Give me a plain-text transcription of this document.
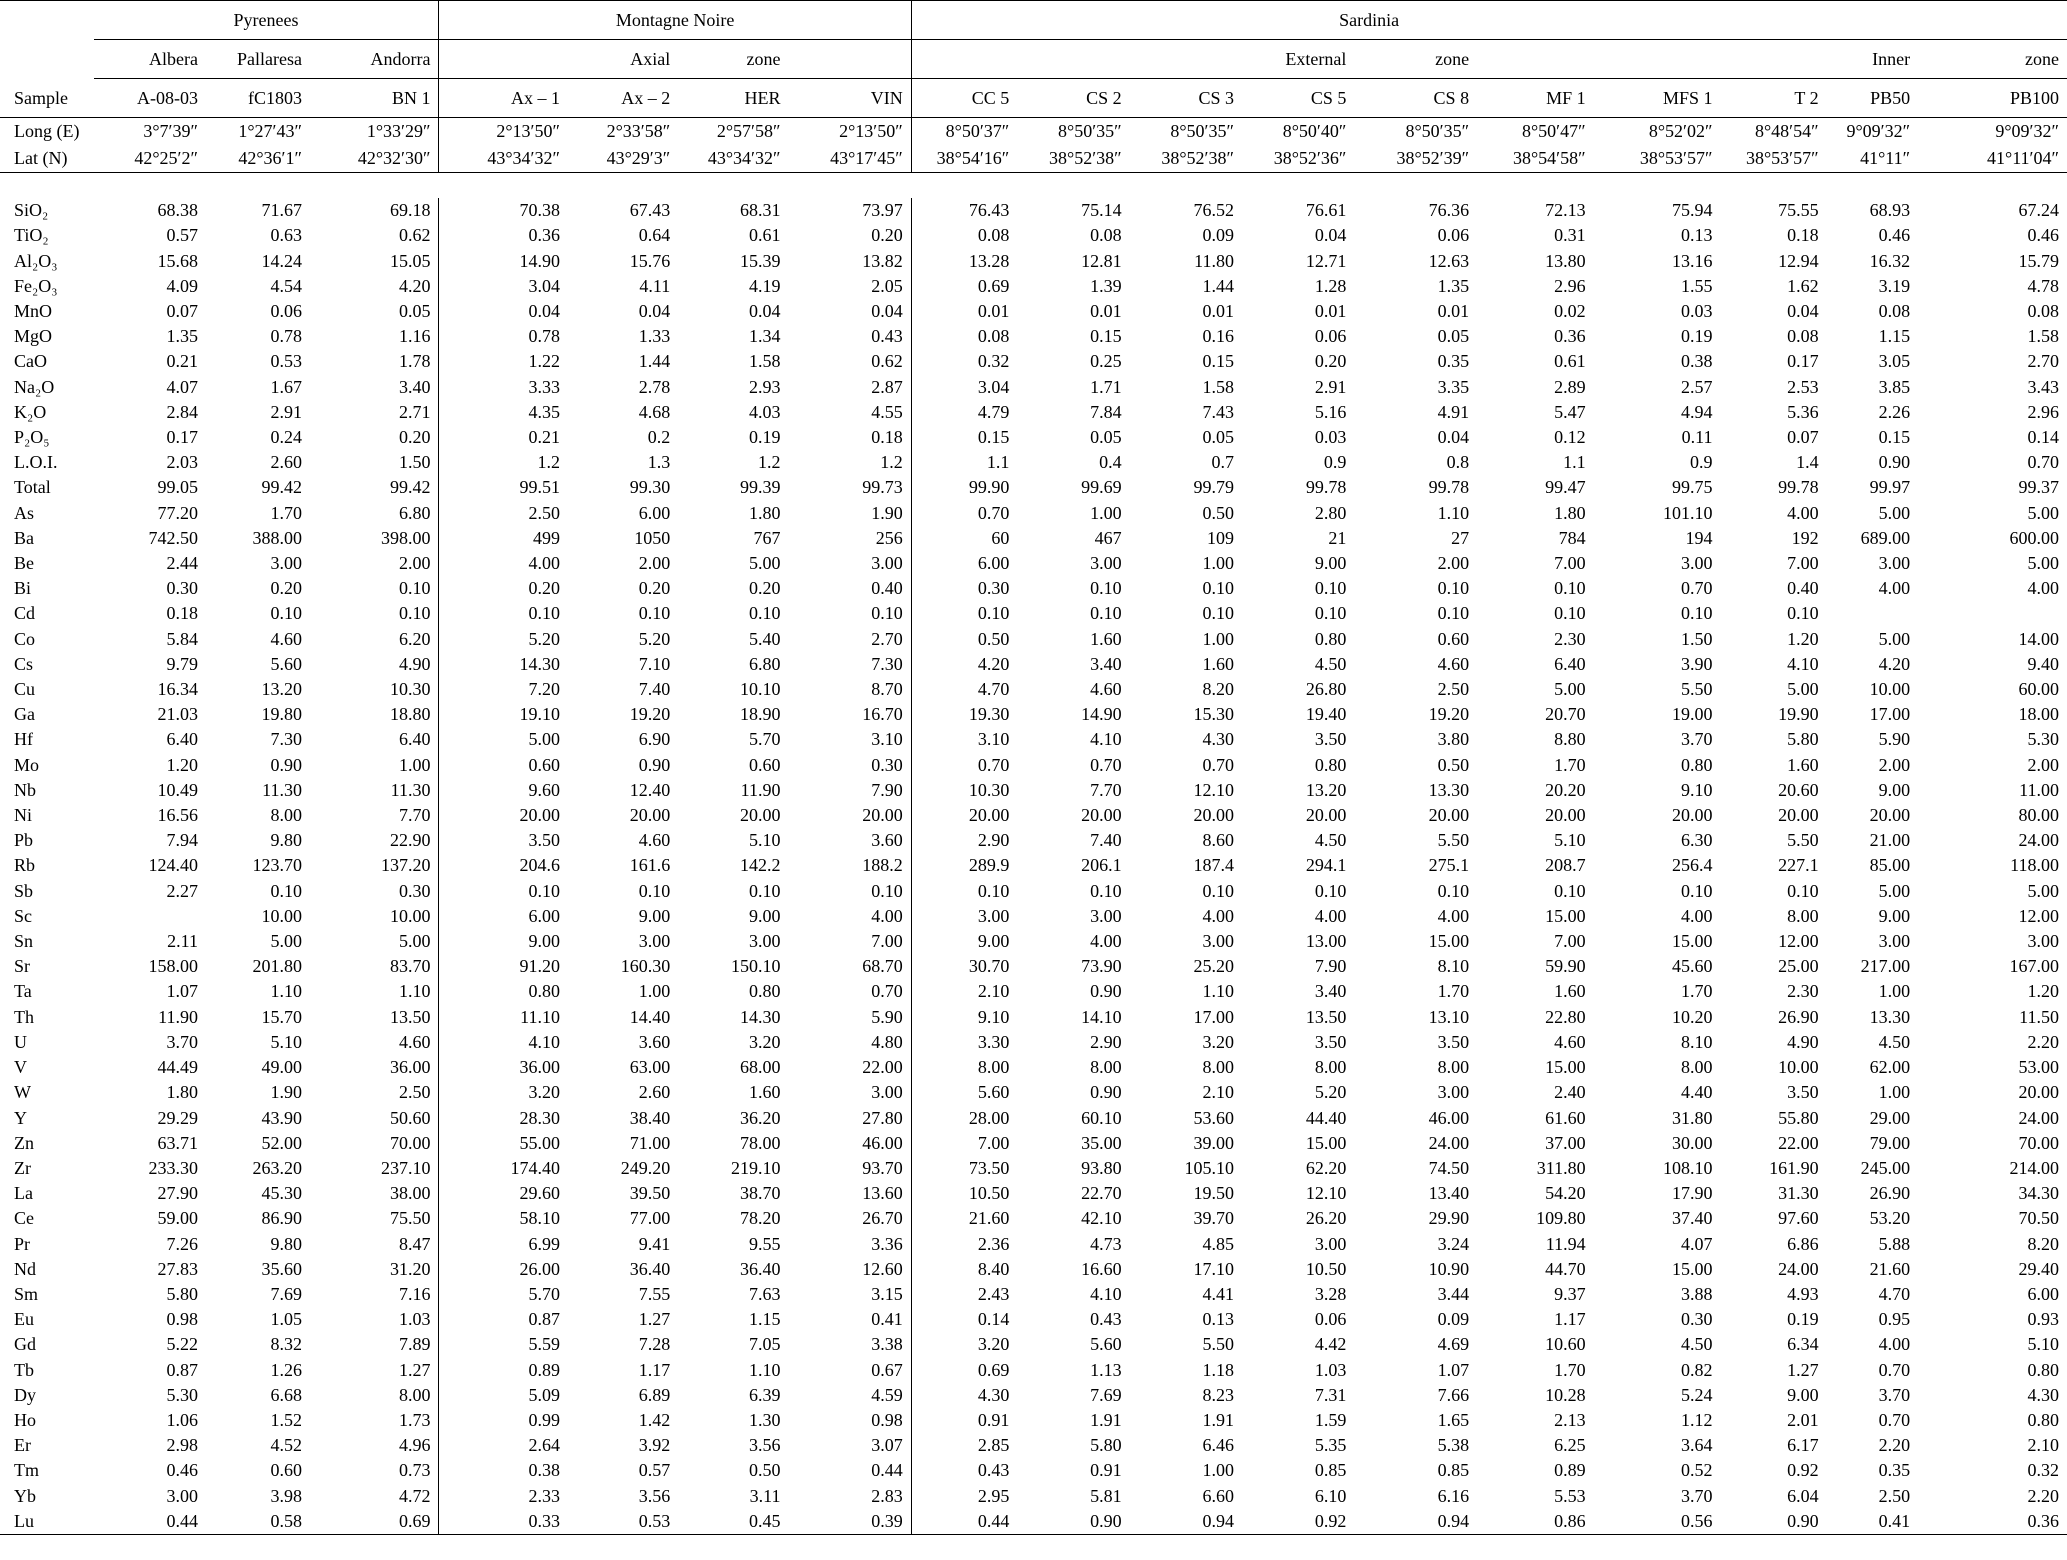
	Pyrenees			Montagne Noire				Sardinia									
	Albera	Pallaresa	Andorra		Axial	zone					External	zone				Inner	zone
Sample	A-08-03	fC1803	BN 1	Ax – 1	Ax – 2	HER	VIN	CC 5	CS 2	CS 3	CS 5	CS 8	MF 1	MFS 1	T 2	PB50	PB100
Long (E)	3°7′39″	1°27′43″	1°33′29″	2°13′50″	2°33′58″	2°57′58″	2°13′50″	8°50′37″	8°50′35″	8°50′35″	8°50′40″	8°50′35″	8°50′47″	8°52′02″	8°48′54″	9°09′32″	9°09′32″
Lat (N)	42°25′2″	42°36′1″	42°32′30″	43°34′32″	43°29′3″	43°34′32″	43°17′45″	38°54′16″	38°52′38″	38°52′38″	38°52′36″	38°52′39″	38°54′58″	38°53′57″	38°53′57″	41°11″	41°11′04″

SiO₂	68.38	71.67	69.18	70.38	67.43	68.31	73.97	76.43	75.14	76.52	76.61	76.36	72.13	75.94	75.55	68.93	67.24
TiO₂	0.57	0.63	0.62	0.36	0.64	0.61	0.20	0.08	0.08	0.09	0.04	0.06	0.31	0.13	0.18	0.46	0.46
Al₂O₃	15.68	14.24	15.05	14.90	15.76	15.39	13.82	13.28	12.81	11.80	12.71	12.63	13.80	13.16	12.94	16.32	15.79
Fe₂O₃	4.09	4.54	4.20	3.04	4.11	4.19	2.05	0.69	1.39	1.44	1.28	1.35	2.96	1.55	1.62	3.19	4.78
MnO	0.07	0.06	0.05	0.04	0.04	0.04	0.04	0.01	0.01	0.01	0.01	0.01	0.02	0.03	0.04	0.08	0.08
MgO	1.35	0.78	1.16	0.78	1.33	1.34	0.43	0.08	0.15	0.16	0.06	0.05	0.36	0.19	0.08	1.15	1.58
CaO	0.21	0.53	1.78	1.22	1.44	1.58	0.62	0.32	0.25	0.15	0.20	0.35	0.61	0.38	0.17	3.05	2.70
Na₂O	4.07	1.67	3.40	3.33	2.78	2.93	2.87	3.04	1.71	1.58	2.91	3.35	2.89	2.57	2.53	3.85	3.43
K₂O	2.84	2.91	2.71	4.35	4.68	4.03	4.55	4.79	7.84	7.43	5.16	4.91	5.47	4.94	5.36	2.26	2.96
P₂O₅	0.17	0.24	0.20	0.21	0.2	0.19	0.18	0.15	0.05	0.05	0.03	0.04	0.12	0.11	0.07	0.15	0.14
L.O.I.	2.03	2.60	1.50	1.2	1.3	1.2	1.2	1.1	0.4	0.7	0.9	0.8	1.1	0.9	1.4	0.90	0.70
Total	99.05	99.42	99.42	99.51	99.30	99.39	99.73	99.90	99.69	99.79	99.78	99.78	99.47	99.75	99.78	99.97	99.37
As	77.20	1.70	6.80	2.50	6.00	1.80	1.90	0.70	1.00	0.50	2.80	1.10	1.80	101.10	4.00	5.00	5.00
Ba	742.50	388.00	398.00	499	1050	767	256	60	467	109	21	27	784	194	192	689.00	600.00
Be	2.44	3.00	2.00	4.00	2.00	5.00	3.00	6.00	3.00	1.00	9.00	2.00	7.00	3.00	7.00	3.00	5.00
Bi	0.30	0.20	0.10	0.20	0.20	0.20	0.40	0.30	0.10	0.10	0.10	0.10	0.10	0.70	0.40	4.00	4.00
Cd	0.18	0.10	0.10	0.10	0.10	0.10	0.10	0.10	0.10	0.10	0.10	0.10	0.10	0.10	0.10		
Co	5.84	4.60	6.20	5.20	5.20	5.40	2.70	0.50	1.60	1.00	0.80	0.60	2.30	1.50	1.20	5.00	14.00
Cs	9.79	5.60	4.90	14.30	7.10	6.80	7.30	4.20	3.40	1.60	4.50	4.60	6.40	3.90	4.10	4.20	9.40
Cu	16.34	13.20	10.30	7.20	7.40	10.10	8.70	4.70	4.60	8.20	26.80	2.50	5.00	5.50	5.00	10.00	60.00
Ga	21.03	19.80	18.80	19.10	19.20	18.90	16.70	19.30	14.90	15.30	19.40	19.20	20.70	19.00	19.90	17.00	18.00
Hf	6.40	7.30	6.40	5.00	6.90	5.70	3.10	3.10	4.10	4.30	3.50	3.80	8.80	3.70	5.80	5.90	5.30
Mo	1.20	0.90	1.00	0.60	0.90	0.60	0.30	0.70	0.70	0.70	0.80	0.50	1.70	0.80	1.60	2.00	2.00
Nb	10.49	11.30	11.30	9.60	12.40	11.90	7.90	10.30	7.70	12.10	13.20	13.30	20.20	9.10	20.60	9.00	11.00
Ni	16.56	8.00	7.70	20.00	20.00	20.00	20.00	20.00	20.00	20.00	20.00	20.00	20.00	20.00	20.00	20.00	80.00
Pb	7.94	9.80	22.90	3.50	4.60	5.10	3.60	2.90	7.40	8.60	4.50	5.50	5.10	6.30	5.50	21.00	24.00
Rb	124.40	123.70	137.20	204.6	161.6	142.2	188.2	289.9	206.1	187.4	294.1	275.1	208.7	256.4	227.1	85.00	118.00
Sb	2.27	0.10	0.30	0.10	0.10	0.10	0.10	0.10	0.10	0.10	0.10	0.10	0.10	0.10	0.10	5.00	5.00
Sc		10.00	10.00	6.00	9.00	9.00	4.00	3.00	3.00	4.00	4.00	4.00	15.00	4.00	8.00	9.00	12.00
Sn	2.11	5.00	5.00	9.00	3.00	3.00	7.00	9.00	4.00	3.00	13.00	15.00	7.00	15.00	12.00	3.00	3.00
Sr	158.00	201.80	83.70	91.20	160.30	150.10	68.70	30.70	73.90	25.20	7.90	8.10	59.90	45.60	25.00	217.00	167.00
Ta	1.07	1.10	1.10	0.80	1.00	0.80	0.70	2.10	0.90	1.10	3.40	1.70	1.60	1.70	2.30	1.00	1.20
Th	11.90	15.70	13.50	11.10	14.40	14.30	5.90	9.10	14.10	17.00	13.50	13.10	22.80	10.20	26.90	13.30	11.50
U	3.70	5.10	4.60	4.10	3.60	3.20	4.80	3.30	2.90	3.20	3.50	3.50	4.60	8.10	4.90	4.50	2.20
V	44.49	49.00	36.00	36.00	63.00	68.00	22.00	8.00	8.00	8.00	8.00	8.00	15.00	8.00	10.00	62.00	53.00
W	1.80	1.90	2.50	3.20	2.60	1.60	3.00	5.60	0.90	2.10	5.20	3.00	2.40	4.40	3.50	1.00	20.00
Y	29.29	43.90	50.60	28.30	38.40	36.20	27.80	28.00	60.10	53.60	44.40	46.00	61.60	31.80	55.80	29.00	24.00
Zn	63.71	52.00	70.00	55.00	71.00	78.00	46.00	7.00	35.00	39.00	15.00	24.00	37.00	30.00	22.00	79.00	70.00
Zr	233.30	263.20	237.10	174.40	249.20	219.10	93.70	73.50	93.80	105.10	62.20	74.50	311.80	108.10	161.90	245.00	214.00
La	27.90	45.30	38.00	29.60	39.50	38.70	13.60	10.50	22.70	19.50	12.10	13.40	54.20	17.90	31.30	26.90	34.30
Ce	59.00	86.90	75.50	58.10	77.00	78.20	26.70	21.60	42.10	39.70	26.20	29.90	109.80	37.40	97.60	53.20	70.50
Pr	7.26	9.80	8.47	6.99	9.41	9.55	3.36	2.36	4.73	4.85	3.00	3.24	11.94	4.07	6.86	5.88	8.20
Nd	27.83	35.60	31.20	26.00	36.40	36.40	12.60	8.40	16.60	17.10	10.50	10.90	44.70	15.00	24.00	21.60	29.40
Sm	5.80	7.69	7.16	5.70	7.55	7.63	3.15	2.43	4.10	4.41	3.28	3.44	9.37	3.88	4.93	4.70	6.00
Eu	0.98	1.05	1.03	0.87	1.27	1.15	0.41	0.14	0.43	0.13	0.06	0.09	1.17	0.30	0.19	0.95	0.93
Gd	5.22	8.32	7.89	5.59	7.28	7.05	3.38	3.20	5.60	5.50	4.42	4.69	10.60	4.50	6.34	4.00	5.10
Tb	0.87	1.26	1.27	0.89	1.17	1.10	0.67	0.69	1.13	1.18	1.03	1.07	1.70	0.82	1.27	0.70	0.80
Dy	5.30	6.68	8.00	5.09	6.89	6.39	4.59	4.30	7.69	8.23	7.31	7.66	10.28	5.24	9.00	3.70	4.30
Ho	1.06	1.52	1.73	0.99	1.42	1.30	0.98	0.91	1.91	1.91	1.59	1.65	2.13	1.12	2.01	0.70	0.80
Er	2.98	4.52	4.96	2.64	3.92	3.56	3.07	2.85	5.80	6.46	5.35	5.38	6.25	3.64	6.17	2.20	2.10
Tm	0.46	0.60	0.73	0.38	0.57	0.50	0.44	0.43	0.91	1.00	0.85	0.85	0.89	0.52	0.92	0.35	0.32
Yb	3.00	3.98	4.72	2.33	3.56	3.11	2.83	2.95	5.81	6.60	6.10	6.16	5.53	3.70	6.04	2.50	2.20
Lu	0.44	0.58	0.69	0.33	0.53	0.45	0.39	0.44	0.90	0.94	0.92	0.94	0.86	0.56	0.90	0.41	0.36
